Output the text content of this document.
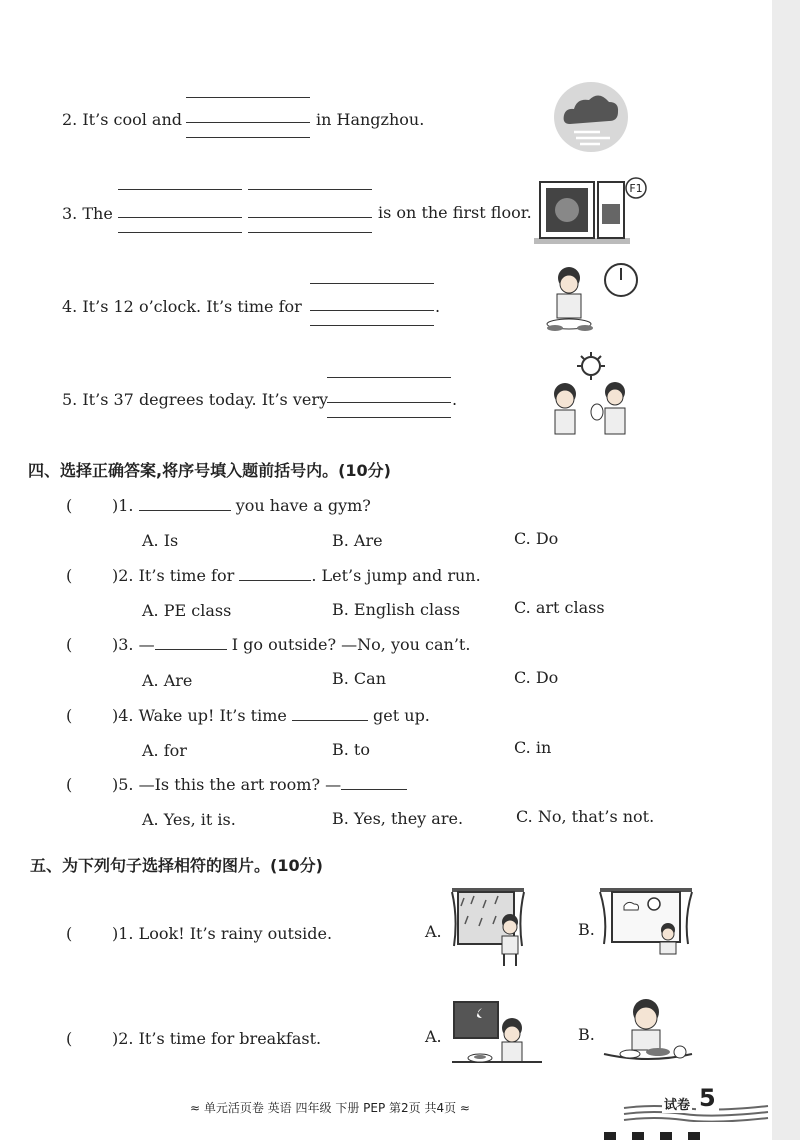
2. It’s cool and	in Hangzhou.
3. The	is on the first floor.
F1
4. It’s 12 o’clock. It’s time for	.
5. It’s 37 degrees today. It’s very	.
四、选择正确答案,将序号填入题前括号内。(10分)
( )1.	you have a gym?
A. Is	B. Are	C. Do
( )2. It’s time for	. Let’s jump and run.
A. PE class	B. English class	C. art class
( )3. —	I go outside? —No, you can’t.
A. Are	B. Can	C. Do
( )4. Wake up! It’s time	get up.
A. for	B. to	C. in
( )5. —Is this the art room? —
A. Yes, it is.	B. Yes, they are.	C. No, that’s not.
五、为下列句子选择相符的图片。(10分)
( )1. Look! It’s rainy outside.	A.	B.
( )2. It’s time for breakfast.	A.	B.
≈ 单元活页卷 英语 四年级 下册 PEP 第2页 共4页 ≈	试卷 5
